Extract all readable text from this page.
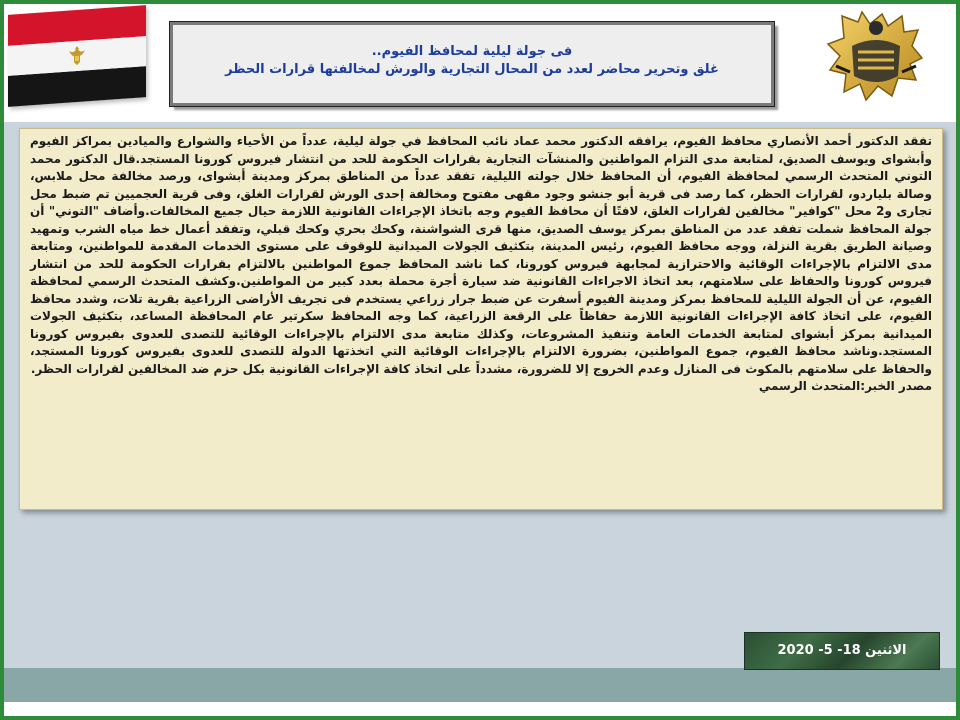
فى جولة ليلية لمحافظ الفيوم..
غلق وتحرير محاضر لعدد من المحال التجارية والورش لمخالفتها قرارات الحظر

تفقد الدكتور أحمد الأنصاري محافظ الفيوم، يرافقه الدكتور محمد عماد نائب المحافظ في جولة ليلية، عدداً من الأحياء والشوارع والميادين بمراكز الفيوم وأبشواى ويوسف الصديق، لمتابعة مدى التزام المواطنين والمنشآت التجارية بقرارات الحكومة للحد من انتشار فيروس كورونا المستجد.قال الدكتور محمد التوني المتحدث الرسمي لمحافظة الفيوم، أن المحافظ خلال جولته الليلية، تفقد عدداً من المناطق بمركز ومدينة أبشواى، ورصد مخالفة محل ملابس، وصالة بلياردو، لقرارات الحظر، كما رصد فى قرية أبو جنشو وجود مقهى مفتوح ومخالفة إحدى الورش لقرارات الغلق، وفى قرية العجميين تم ضبط محل تجارى و2 محل "كوافير" مخالفين لقرارات الغلق، لافتًا أن محافظ الفيوم وجه باتخاذ الإجراءات القانونية اللازمة حيال جميع المخالفات.وأضاف "التوني" أن جولة المحافظ شملت تفقد عدد من المناطق بمركز يوسف الصديق، منها قرى الشواشنة، وكحك بحري وكحك قبلي، وتفقد أعمال خط مياه الشرب وتمهيد وصيانة الطريق بقرية النزلة، ووجه محافظ الفيوم، رئيس المدينة، بتكثيف الجولات الميدانية للوقوف على مستوى الخدمات المقدمة للمواطنين، ومتابعة مدى الالتزام بالإجراءات الوقائية والاحترازية لمجابهة فيروس كورونا، كما ناشد المحافظ جموع المواطنين بالالتزام بقرارات الحكومة للحد من انتشار فيروس كورونا والحفاظ على سلامتهم، بعد اتخاذ الاجراءات القانونية ضد سيارة أجرة محملة بعدد كبير من المواطنين.وكشف المتحدث الرسمي لمحافظة الفيوم، عن أن الجولة الليلية للمحافظ بمركز ومدينة الفيوم أسفرت عن ضبط جرار زراعي يستخدم فى تجريف الأراضى الزراعية بقرية تلات، وشدد محافظ الفيوم، على اتخاذ كافة الإجراءات القانونية اللازمة حفاظاً على الرقعة الزراعية، كما وجه المحافظ سكرتير عام المحافظة المساعد، بتكثيف الجولات الميدانية بمركز أبشواى لمتابعة الخدمات العامة وتنفيذ المشروعات، وكذلك متابعة مدى الالتزام بالإجراءات الوقائية للتصدى للعدوى بفيروس كورونا المستجد.وناشد محافظ الفيوم، جموع المواطنين، بضرورة الالتزام بالإجراءات الوقائية التي اتخذتها الدولة للتصدى للعدوى بفيروس كورونا المستجد، والحفاظ على سلامتهم بالمكوث فى المنازل وعدم الخروج إلا للضرورة، مشدداً على اتخاذ كافة الإجراءات القانونية بكل حزم ضد المخالفين لقرارات الحظر.

مصدر الخبر:المتحدث الرسمي

الاثنين 18- 5- 2020
